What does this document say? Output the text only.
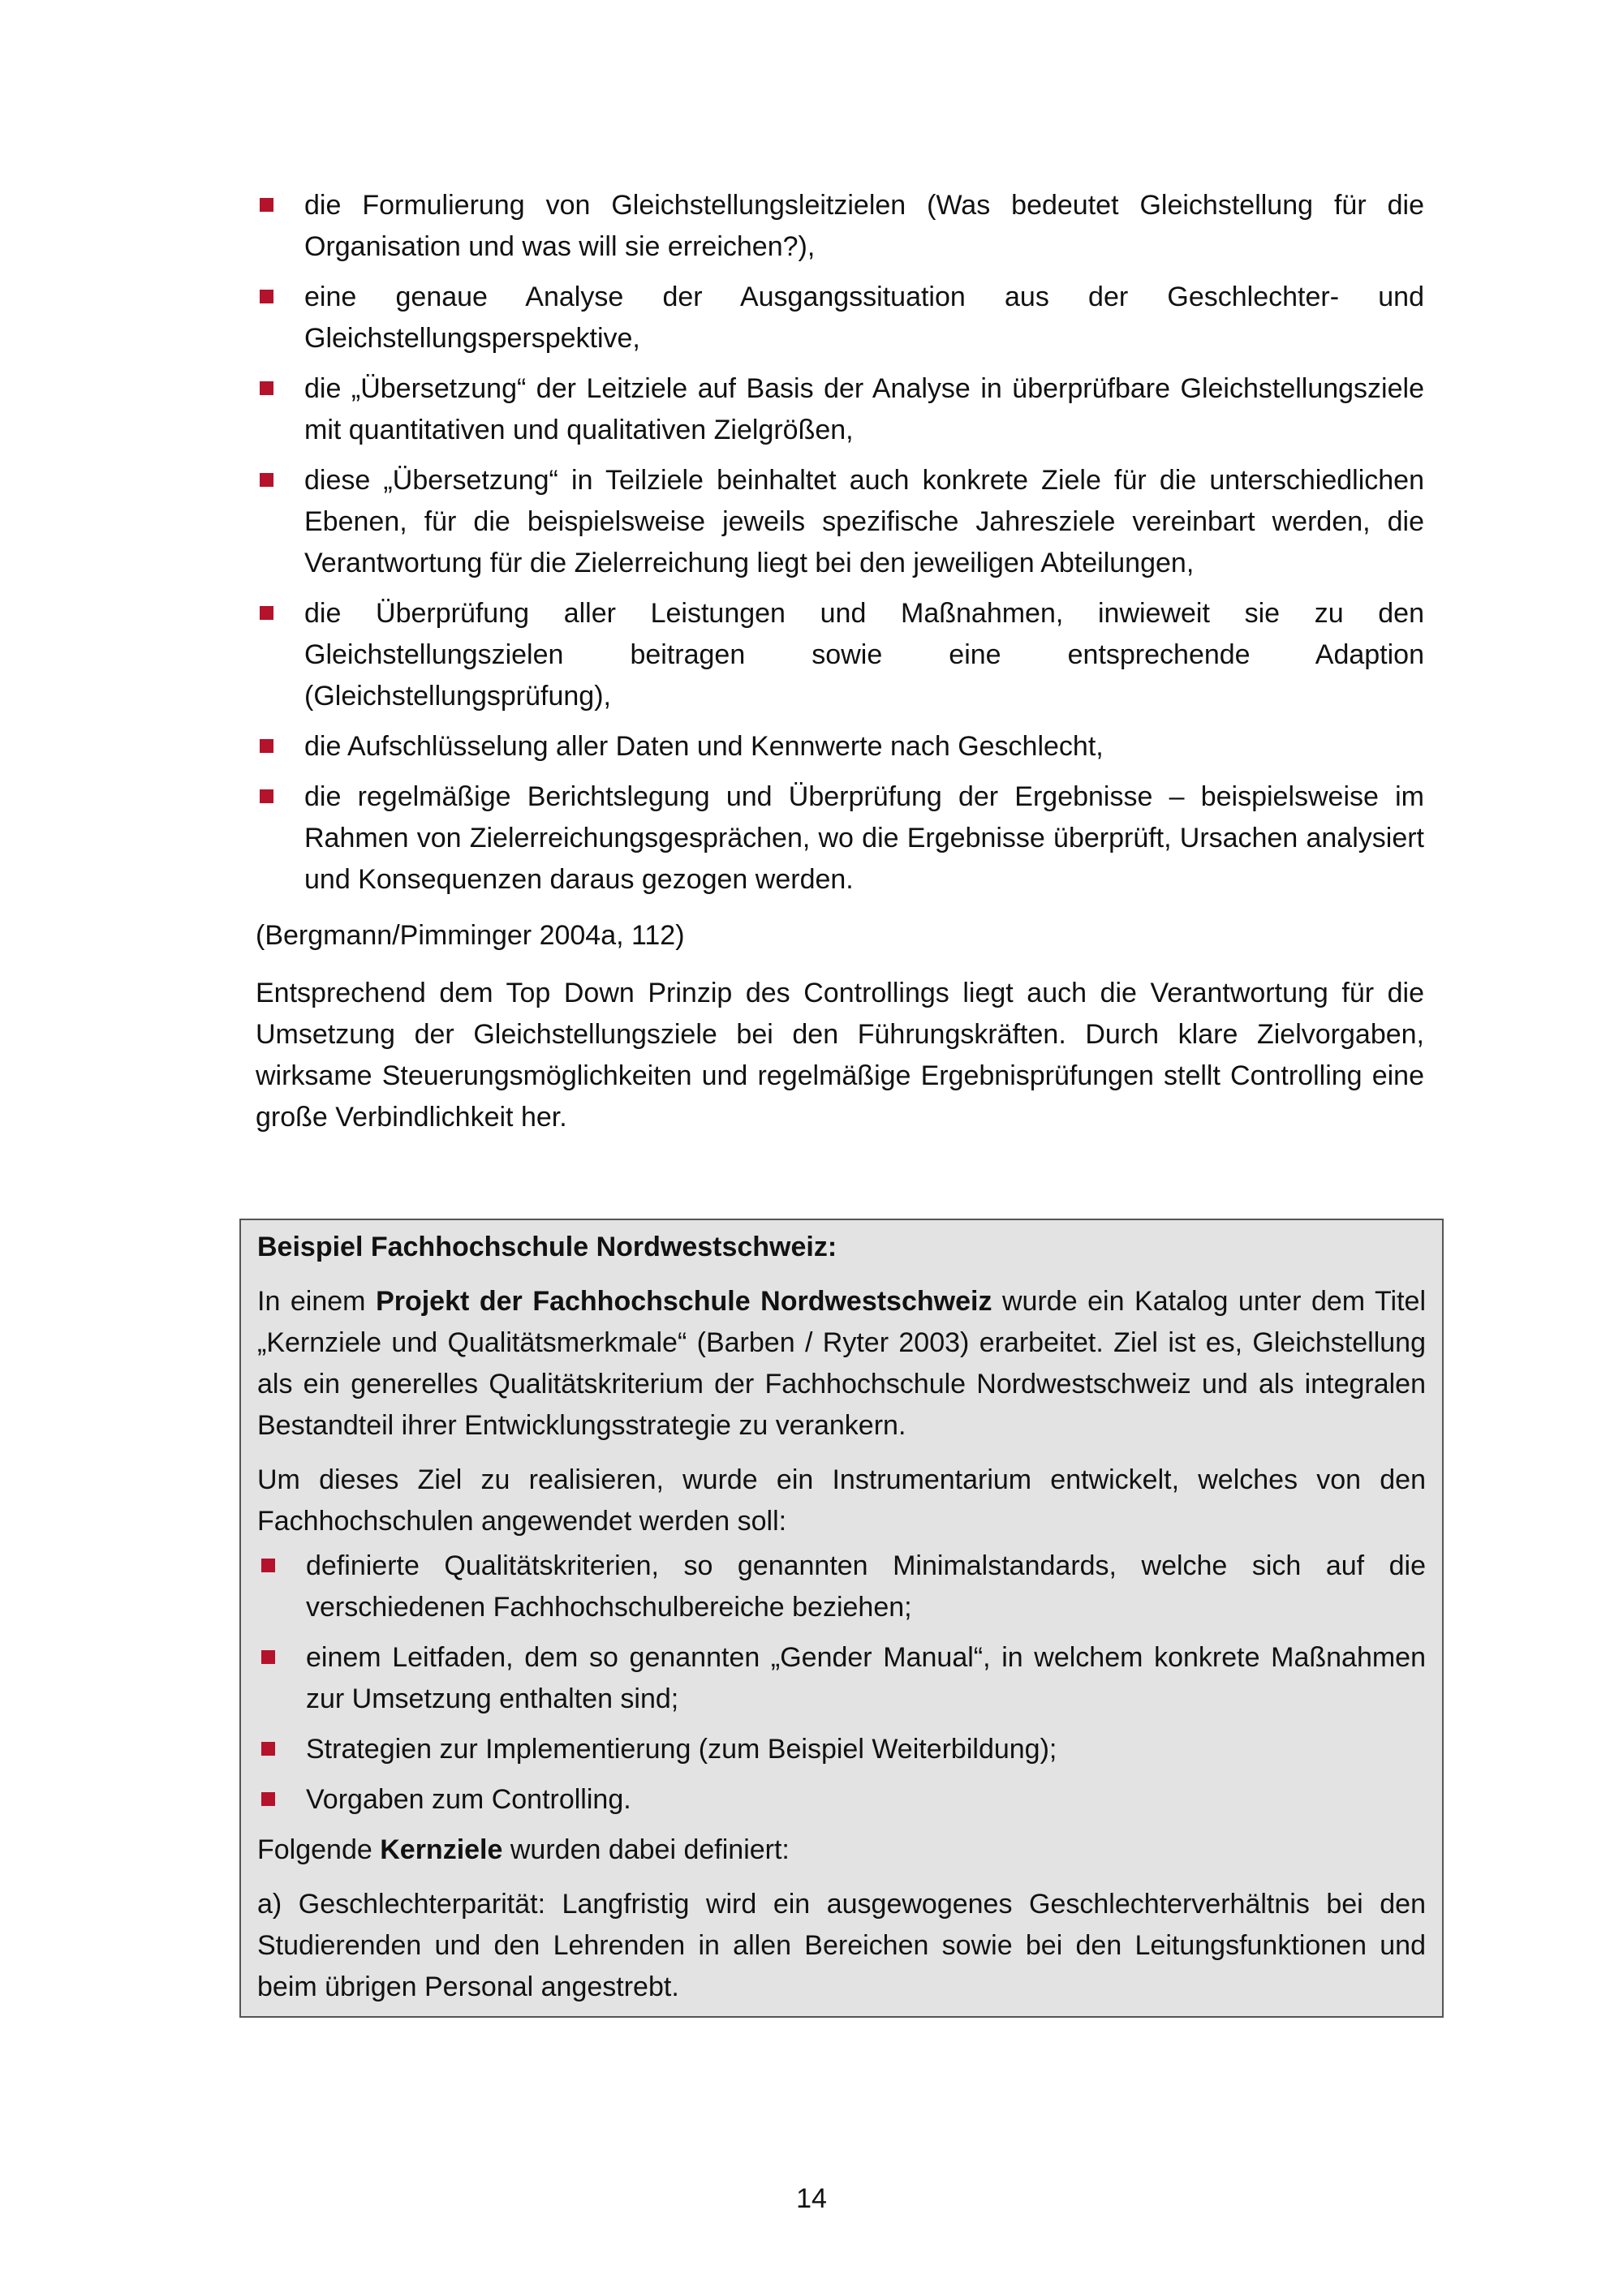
die Formulierung von Gleichstellungsleitzielen (Was bedeutet Gleichstellung für die Organisation und was will sie erreichen?),
eine genaue Analyse der Ausgangssituation aus der Geschlechter- und Gleichstellungsperspektive,
die „Übersetzung“ der Leitziele auf Basis der Analyse in überprüfbare Gleichstellungsziele mit quantitativen und qualitativen Zielgrößen,
diese „Übersetzung“ in Teilziele beinhaltet auch konkrete Ziele für die unterschiedlichen Ebenen, für die beispielsweise jeweils spezifische Jahresziele vereinbart werden, die Verantwortung für die Zielerreichung liegt bei den jeweiligen Abteilungen,
die Überprüfung aller Leistungen und Maßnahmen, inwieweit sie zu den Gleichstellungszielen beitragen sowie eine entsprechende Adaption (Gleichstellungsprüfung),
die Aufschlüsselung aller Daten und Kennwerte nach Geschlecht,
die regelmäßige Berichtslegung und Überprüfung der Ergebnisse – beispielsweise im Rahmen von Zielerreichungsgesprächen, wo die Ergebnisse überprüft, Ursachen analysiert und Konsequenzen daraus gezogen werden.
(Bergmann/Pimminger 2004a, 112)
Entsprechend dem Top Down Prinzip des Controllings liegt auch die Verantwortung für die Umsetzung der Gleichstellungsziele bei den Führungskräften. Durch klare Zielvorgaben, wirksame Steuerungsmöglichkeiten und regelmäßige Ergebnisprüfungen stellt Controlling eine große Verbindlichkeit her.
Beispiel Fachhochschule Nordwestschweiz:

In einem Projekt der Fachhochschule Nordwestschweiz wurde ein Katalog unter dem Titel „Kernziele und Qualitätsmerkmale“ (Barben / Ryter 2003) erarbeitet. Ziel ist es, Gleichstellung als ein generelles Qualitätskriterium der Fachhochschule Nordwestschweiz und als integralen Bestandteil ihrer Entwicklungsstrategie zu verankern.

Um dieses Ziel zu realisieren, wurde ein Instrumentarium entwickelt, welches von den Fachhochschulen angewendet werden soll:

definierte Qualitätskriterien, so genannten Minimalstandards, welche sich auf die verschiedenen Fachhochschulbereiche beziehen;
einem Leitfaden, dem so genannten „Gender Manual“, in welchem konkrete Maßnahmen zur Umsetzung enthalten sind;
Strategien zur Implementierung (zum Beispiel Weiterbildung);
Vorgaben zum Controlling.

Folgende Kernziele wurden dabei definiert:

a) Geschlechterparität: Langfristig wird ein ausgewogenes Geschlechterverhältnis bei den Studierenden und den Lehrenden in allen Bereichen sowie bei den Leitungsfunktionen und beim übrigen Personal angestrebt.

14
